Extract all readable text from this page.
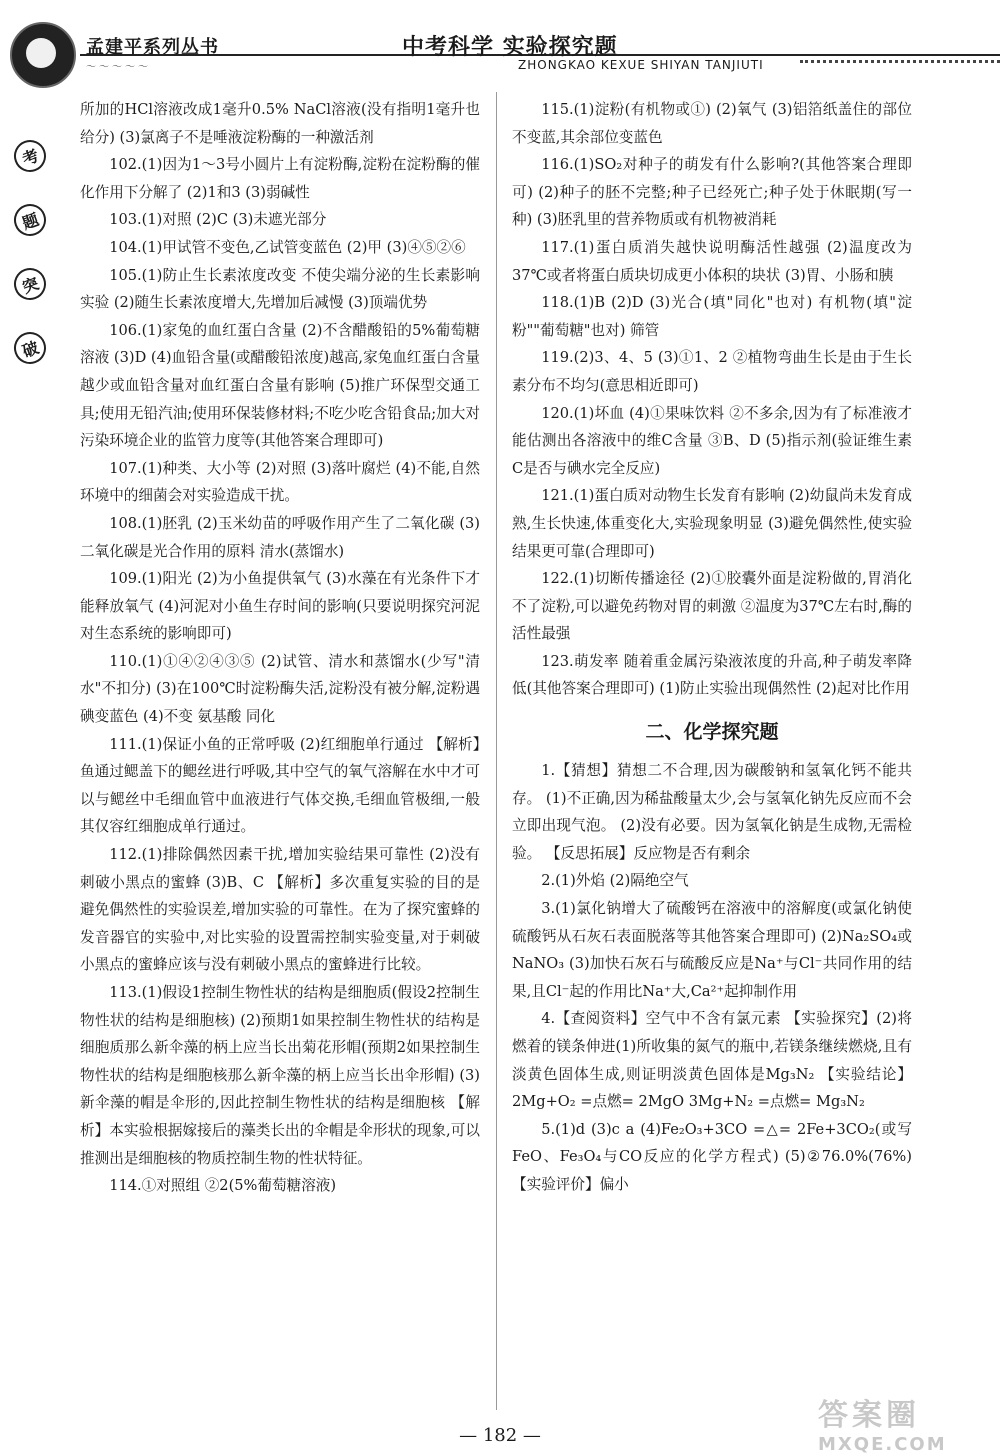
孟建平系列丛书
～～～～～
中考科学 实验探究题
ZHONGKAO KEXUE SHIYAN TANJIUTI
考
题
突
破

所加的HCl溶液改成1毫升0.5% NaCl溶液(没有指明1毫升也给分) (3)氯离子不是唾液淀粉酶的一种激活剂

102.(1)因为1～3号小圆片上有淀粉酶,淀粉在淀粉酶的催化作用下分解了 (2)1和3 (3)弱碱性

103.(1)对照 (2)C (3)未遮光部分

104.(1)甲试管不变色,乙试管变蓝色 (2)甲 (3)④⑤②⑥

105.(1)防止生长素浓度改变 不使尖端分泌的生长素影响实验 (2)随生长素浓度增大,先增加后减慢 (3)顶端优势

106.(1)家兔的血红蛋白含量 (2)不含醋酸铅的5%葡萄糖溶液 (3)D (4)血铅含量(或醋酸铅浓度)越高,家兔血红蛋白含量越少或血铅含量对血红蛋白含量有影响 (5)推广环保型交通工具;使用无铅汽油;使用环保装修材料;不吃少吃含铅食品;加大对污染环境企业的监管力度等(其他答案合理即可)

107.(1)种类、大小等 (2)对照 (3)落叶腐烂 (4)不能,自然环境中的细菌会对实验造成干扰。

108.(1)胚乳 (2)玉米幼苗的呼吸作用产生了二氧化碳 (3)二氧化碳是光合作用的原料 清水(蒸馏水)

109.(1)阳光 (2)为小鱼提供氧气 (3)水藻在有光条件下才能释放氧气 (4)河泥对小鱼生存时间的影响(只要说明探究河泥对生态系统的影响即可)

110.(1)①④②④③⑤ (2)试管、清水和蒸馏水(少写"清水"不扣分) (3)在100℃时淀粉酶失活,淀粉没有被分解,淀粉遇碘变蓝色 (4)不变 氨基酸 同化

111.(1)保证小鱼的正常呼吸 (2)红细胞单行通过 【解析】鱼通过鳃盖下的鳃丝进行呼吸,其中空气的氧气溶解在水中才可以与鳃丝中毛细血管中血液进行气体交换,毛细血管极细,一般其仅容红细胞成单行通过。

112.(1)排除偶然因素干扰,增加实验结果可靠性 (2)没有刺破小黑点的蜜蜂 (3)B、C 【解析】多次重复实验的目的是避免偶然性的实验误差,增加实验的可靠性。在为了探究蜜蜂的发音器官的实验中,对比实验的设置需控制实验变量,对于刺破小黑点的蜜蜂应该与没有刺破小黑点的蜜蜂进行比较。

113.(1)假设1控制生物性状的结构是细胞质(假设2控制生物性状的结构是细胞核) (2)预期1如果控制生物性状的结构是细胞质那么新伞藻的柄上应当长出菊花形帽(预期2如果控制生物性状的结构是细胞核那么新伞藻的柄上应当长出伞形帽) (3)新伞藻的帽是伞形的,因此控制生物性状的结构是细胞核 【解析】本实验根据嫁接后的藻类长出的伞帽是伞形状的现象,可以推测出是细胞核的物质控制生物的性状特征。

114.①对照组 ②2(5%葡萄糖溶液)

115.(1)淀粉(有机物或①) (2)氧气 (3)铝箔纸盖住的部位不变蓝,其余部位变蓝色

116.(1)SO₂对种子的萌发有什么影响?(其他答案合理即可) (2)种子的胚不完整;种子已经死亡;种子处于休眠期(写一种) (3)胚乳里的营养物质或有机物被消耗

117.(1)蛋白质消失越快说明酶活性越强 (2)温度改为37℃或者将蛋白质块切成更小体积的块状 (3)胃、小肠和胰

118.(1)B (2)D (3)光合(填"同化"也对) 有机物(填"淀粉""葡萄糖"也对) 筛管

119.(2)3、4、5 (3)①1、2 ②植物弯曲生长是由于生长素分布不均匀(意思相近即可)

120.(1)坏血 (4)①果味饮料 ②不多余,因为有了标准液才能估测出各溶液中的维C含量 ③B、D (5)指示剂(验证维生素C是否与碘水完全反应)

121.(1)蛋白质对动物生长发育有影响 (2)幼鼠尚未发育成熟,生长快速,体重变化大,实验现象明显 (3)避免偶然性,使实验结果更可靠(合理即可)

122.(1)切断传播途径 (2)①胶囊外面是淀粉做的,胃消化不了淀粉,可以避免药物对胃的刺激 ②温度为37℃左右时,酶的活性最强

123.萌发率 随着重金属污染液浓度的升高,种子萌发率降低(其他答案合理即可) (1)防止实验出现偶然性 (2)起对比作用

二、化学探究题

1.【猜想】猜想二不合理,因为碳酸钠和氢氧化钙不能共存。 (1)不正确,因为稀盐酸量太少,会与氢氧化钠先反应而不会立即出现气泡。 (2)没有必要。因为氢氧化钠是生成物,无需检验。 【反思拓展】反应物是否有剩余

2.(1)外焰 (2)隔绝空气

3.(1)氯化钠增大了硫酸钙在溶液中的溶解度(或氯化钠使硫酸钙从石灰石表面脱落等其他答案合理即可) (2)Na₂SO₄或NaNO₃ (3)加快石灰石与硫酸反应是Na⁺与Cl⁻共同作用的结果,且Cl⁻起的作用比Na⁺大,Ca²⁺起抑制作用

4.【查阅资料】空气中不含有氯元素 【实验探究】(2)将燃着的镁条伸进(1)所收集的氮气的瓶中,若镁条继续燃烧,且有淡黄色固体生成,则证明淡黄色固体是Mg₃N₂ 【实验结论】2Mg+O₂ =点燃= 2MgO 3Mg+N₂ =点燃= Mg₃N₂

5.(1)d (3)c a (4)Fe₂O₃+3CO =△= 2Fe+3CO₂(或写FeO、Fe₃O₄与CO反应的化学方程式) (5)②76.0%(76%) 【实验评价】偏小

— 182 —
答案圈
MXQE.COM
